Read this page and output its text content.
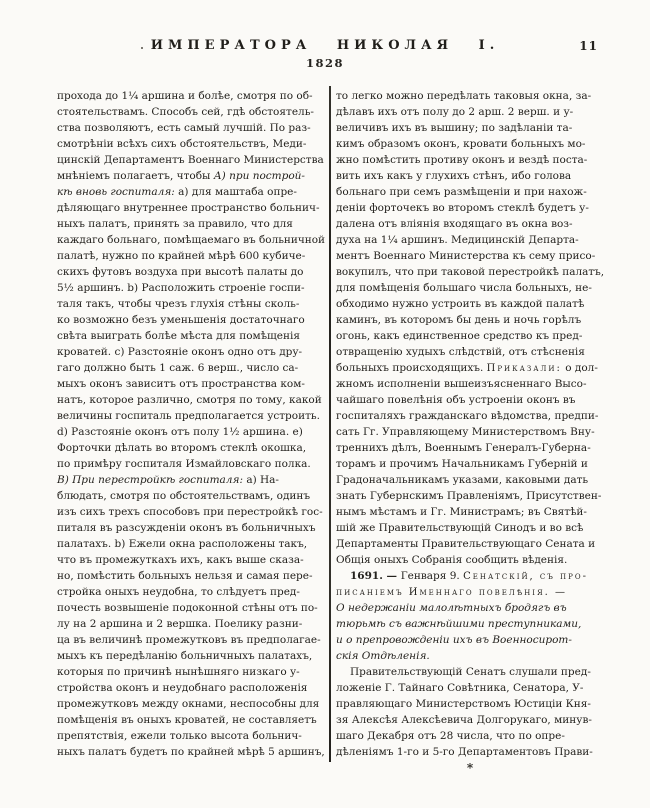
ИМПЕРАТОРА НИКОЛАЯ I.	11
1828
прохода до 1¼ аршина и болѣе, смотря по об-
стоятельствамъ. Способъ сей, гдѣ обстоятель-
ства позволяютъ, есть самый лучшій. По раз-
смотрѣніи всѣхъ сихъ обстоятельствъ, Меди-
цинскій Департаментъ Военнаго Министерства
мнѣніемъ полагаетъ, чтобы А) при построй-
кѣ вновь госпиталя: а) для маштаба опре-
дѣляющаго внутреннее пространство больнич-
ныхъ палатъ, принять за правило, что для
каждаго больнаго, помѣщаемаго въ больничной
палатѣ, нужно по крайней мѣрѣ 600 кубиче-
скихъ футовъ воздуха при высотѣ палаты до
5½ аршинъ. b) Расположить строеніе госпи-
таля такъ, чтобы чрезъ глухія стѣны сколь-
ко возможно безъ уменьшенія достаточнаго
свѣта выиграть болѣе мѣста для помѣщенія
кроватей. c) Разстояніе оконъ одно отъ дру-
гаго должно быть 1 саж. 6 верш., число са-
мыхъ оконъ зависитъ отъ пространства ком-
натъ, которое различно, смотря по тому, какой
величины госпиталь предполагается устроить.
d) Разстояніе оконъ отъ полу 1½ аршина. e)
Форточки дѣлать во второмъ стеклѣ окошка,
по примѣру госпиталя Измайловскаго полка.
В) При перестройкѣ госпиталя: а) На-
блюдать, смотря по обстоятельствамъ, одинъ
изъ сихъ трехъ способовъ при перестройкѣ гос-
питаля въ разсужденіи оконъ въ больничныхъ
палатахъ. b) Ежели окна расположены такъ,
что въ промежуткахъ ихъ, какъ выше сказа-
но, помѣстить больныхъ нельзя и самая пере-
стройка оныхъ неудобна, то слѣдуетъ пред-
почесть возвышеніе подоконной стѣны отъ по-
лу на 2 аршина и 2 вершка. Поелику разни-
ца въ величинѣ промежутковъ въ предполагае-
мыхъ къ передѣланію больничныхъ палатахъ,
которыя по причинѣ нынѣшняго низкаго у-
стройства оконъ и неудобнаго расположенія
промежутковъ между окнами, неспособны для
помѣщенія въ оныхъ кроватей, не составляетъ
препятствія, ежели только высота больнич-
ныхъ палатъ будетъ по крайней мѣрѣ 5 аршинъ,
то легко можно передѣлать таковыя окна, за-
дѣлавъ ихъ отъ полу до 2 арш. 2 верш. и у-
величивъ ихъ въ вышину; по задѣланіи та-
кимъ образомъ оконъ, кровати больныхъ мо-
жно помѣстить противу оконъ и вездѣ поста-
вить ихъ какъ у глухихъ стѣнъ, ибо голова
больнаго при семъ размѣщеніи и при нахож-
деніи форточекъ во второмъ стеклѣ будетъ у-
далена отъ вліянія входящаго въ окна воз-
духа на 1¼ аршинъ. Медицинскій Департа-
ментъ Военнаго Министерства къ сему присо-
вокупилъ, что при таковой перестройкѣ палатъ,
для помѣщенія большаго числа больныхъ, не-
обходимо нужно устроить въ каждой палатѣ
каминъ, въ которомъ бы день и ночь горѣлъ
огонь, какъ единственное средство къ пред-
отвращенію худыхъ слѣдствій, отъ стѣсненія
больныхъ происходящихъ. Приказали: о дол-
жномъ исполненіи вышеизъясненнаго Высо-
чайшаго повелѣнія объ устроеніи оконъ въ
госпиталяхъ гражданскаго вѣдомства, предпи-
сать Гг. Управляющему Министерствомъ Вну-
треннихъ дѣлъ, Военнымъ Генералъ-Губерна-
торамъ и прочимъ Начальникамъ Губерній и
Градоначальникамъ указами, каковыми дать
знать Губернскимъ Правленіямъ, Присутствен-
нымъ мѣстамъ и Гг. Министрамъ; въ Святѣй-
шій же Правительствующій Синодъ и во всѣ
Департаменты Правительствующаго Сената и
Общія оныхъ Собранія сообщить вѣденія.
1691. — Генваря 9. Сенатскій, съ про-
писаніемъ Именнаго повелѣнія. —
О недержаніи малолѣтныхъ бродягъ въ
тюрьмѣ съ важнѣйшими преступниками,
и о препровожденіи ихъ въ Военносирот-
скія Отдѣленія.
Правительствующій Сенатъ слушали пред-
ложеніе Г. Тайнаго Совѣтника, Сенатора, У-
правляющаго Министерствомъ Юстиціи Кня-
зя Алексѣя Алексѣевича Долгорукаго, минув-
шаго Декабря отъ 28 числа, что по опре-
дѣленіямъ 1-го и 5-го Департаментовъ Прави-
*
